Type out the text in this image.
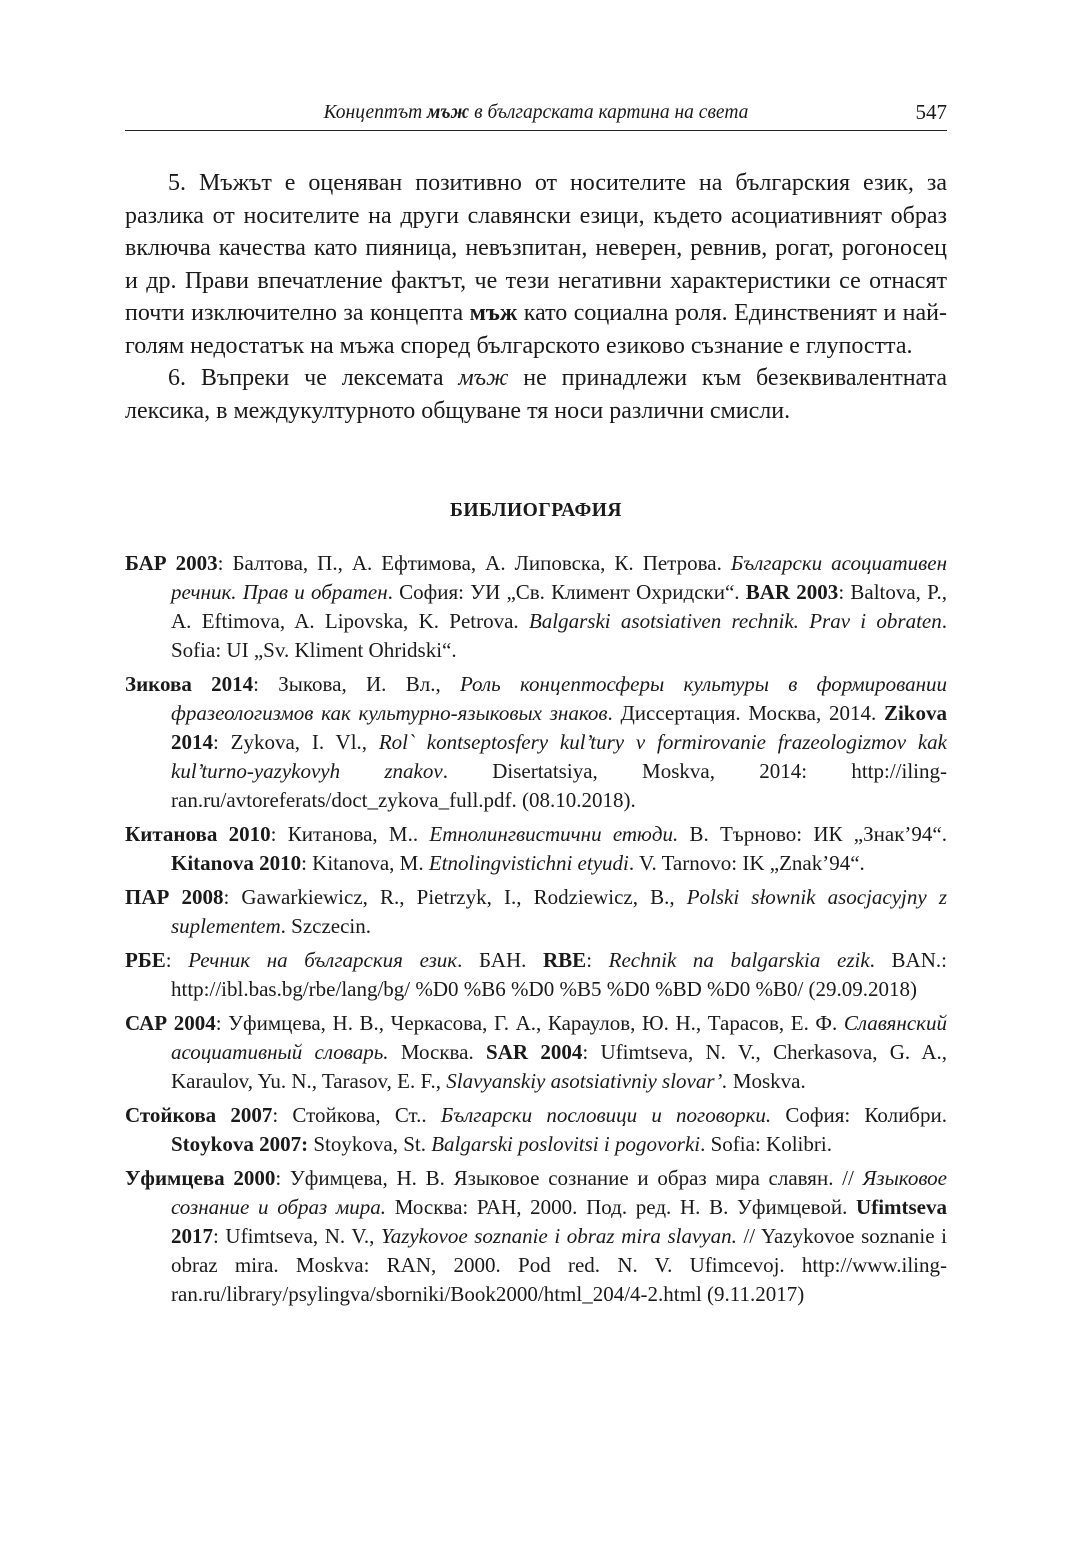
Концептът мъж в българската картина на света	547

5. Мъжът е оценяван позитивно от носителите на българския език, за разлика от носителите на други славянски езици, където асоциативният образ включва качества като пияница, невъзпитан, неверен, ревнив, рогат, рогоносец и др. Прави впечатление фактът, че тези негативни характеристики се отнасят почти изключително за концепта мъж като социална роля. Единственият и най-голям недостатък на мъжа според българското езиково съзнание е глупостта.

6. Въпреки че лексемата мъж не принадлежи към безеквивалентната лексика, в междукултурното общуване тя носи различни смисли.

БИБЛИОГРАФИЯ

БАР 2003: Балтова, П., А. Ефтимова, А. Липовска, К. Петрова. Български асоциативен речник. Прав и обратен. София: УИ „Св. Климент Охридски“. BAR 2003: Baltova, P., A. Eftimova, A. Lipovska, K. Petrova. Balgarski asotsiativen rechnik. Prav i obraten. Sofia: UI „Sv. Kliment Ohridski“.

Зикова 2014: Зыкова, И. Вл., Роль концептосферы культуры в формировании фразеологизмов как культурно-языковых знаков. Диссертация. Москва, 2014. Zikova 2014: Zykova, I. Vl., Rol` kontseptosfery kul’tury v formirovanie frazeologizmov kak kul’turno-yazykovyh znakov. Disertatsiya, Moskva, 2014: http://iling-ran.ru/avtoreferats/doct_zykova_full.pdf. (08.10.2018).

Китанова 2010: Китанова, М.. Етнолингвистични етюди. В. Търново: ИК „Знак’94“. Kitanova 2010: Kitanova, M. Etnolingvistichni etyudi. V. Tarnovo: IK „Znak’94“.

ПАР 2008: Gawarkiewicz, R., Pietrzyk, I., Rodziewicz, B., Polski słownik asocjacyjny z suplementem. Szczecin.

РБЕ: Речник на българския език. БАН. RBE: Rechnik na balgarskia ezik. BAN.: http://ibl.bas.bg/rbe/lang/bg/ %D0 %B6 %D0 %B5 %D0 %BD %D0 %B0/ (29.09.2018)

САР 2004: Уфимцева, Н. В., Черкасова, Г. А., Караулов, Ю. Н., Тарасов, Е. Ф. Славянский асоциативный словарь. Москва. SAR 2004: Ufimtseva, N. V., Cherkasova, G. A., Karaulov, Yu. N., Tarasov, E. F., Slavyanskiy asotsiativniy slovar’. Moskva.

Стойкова 2007: Стойкова, Ст.. Български пословици и поговорки. София: Колибри. Stoykova 2007: Stoykova, St. Balgarski poslovitsi i pogovorki. Sofia: Kolibri.

Уфимцева 2000: Уфимцева, Н. В. Языковое сознание и образ мира славян. // Языковое сознание и образ мира. Москва: РАН, 2000. Под. ред. Н. В. Уфимцевой. Ufimtseva 2017: Ufimtseva, N. V., Yazykovoe soznanie i obraz mira slavyan. // Yazykovoe soznanie i obraz mira. Moskva: RAN, 2000. Pod red. N. V. Ufimcevoj. http://www.iling-ran.ru/library/psylingva/sborniki/Book2000/html_204/4-2.html (9.11.2017)
